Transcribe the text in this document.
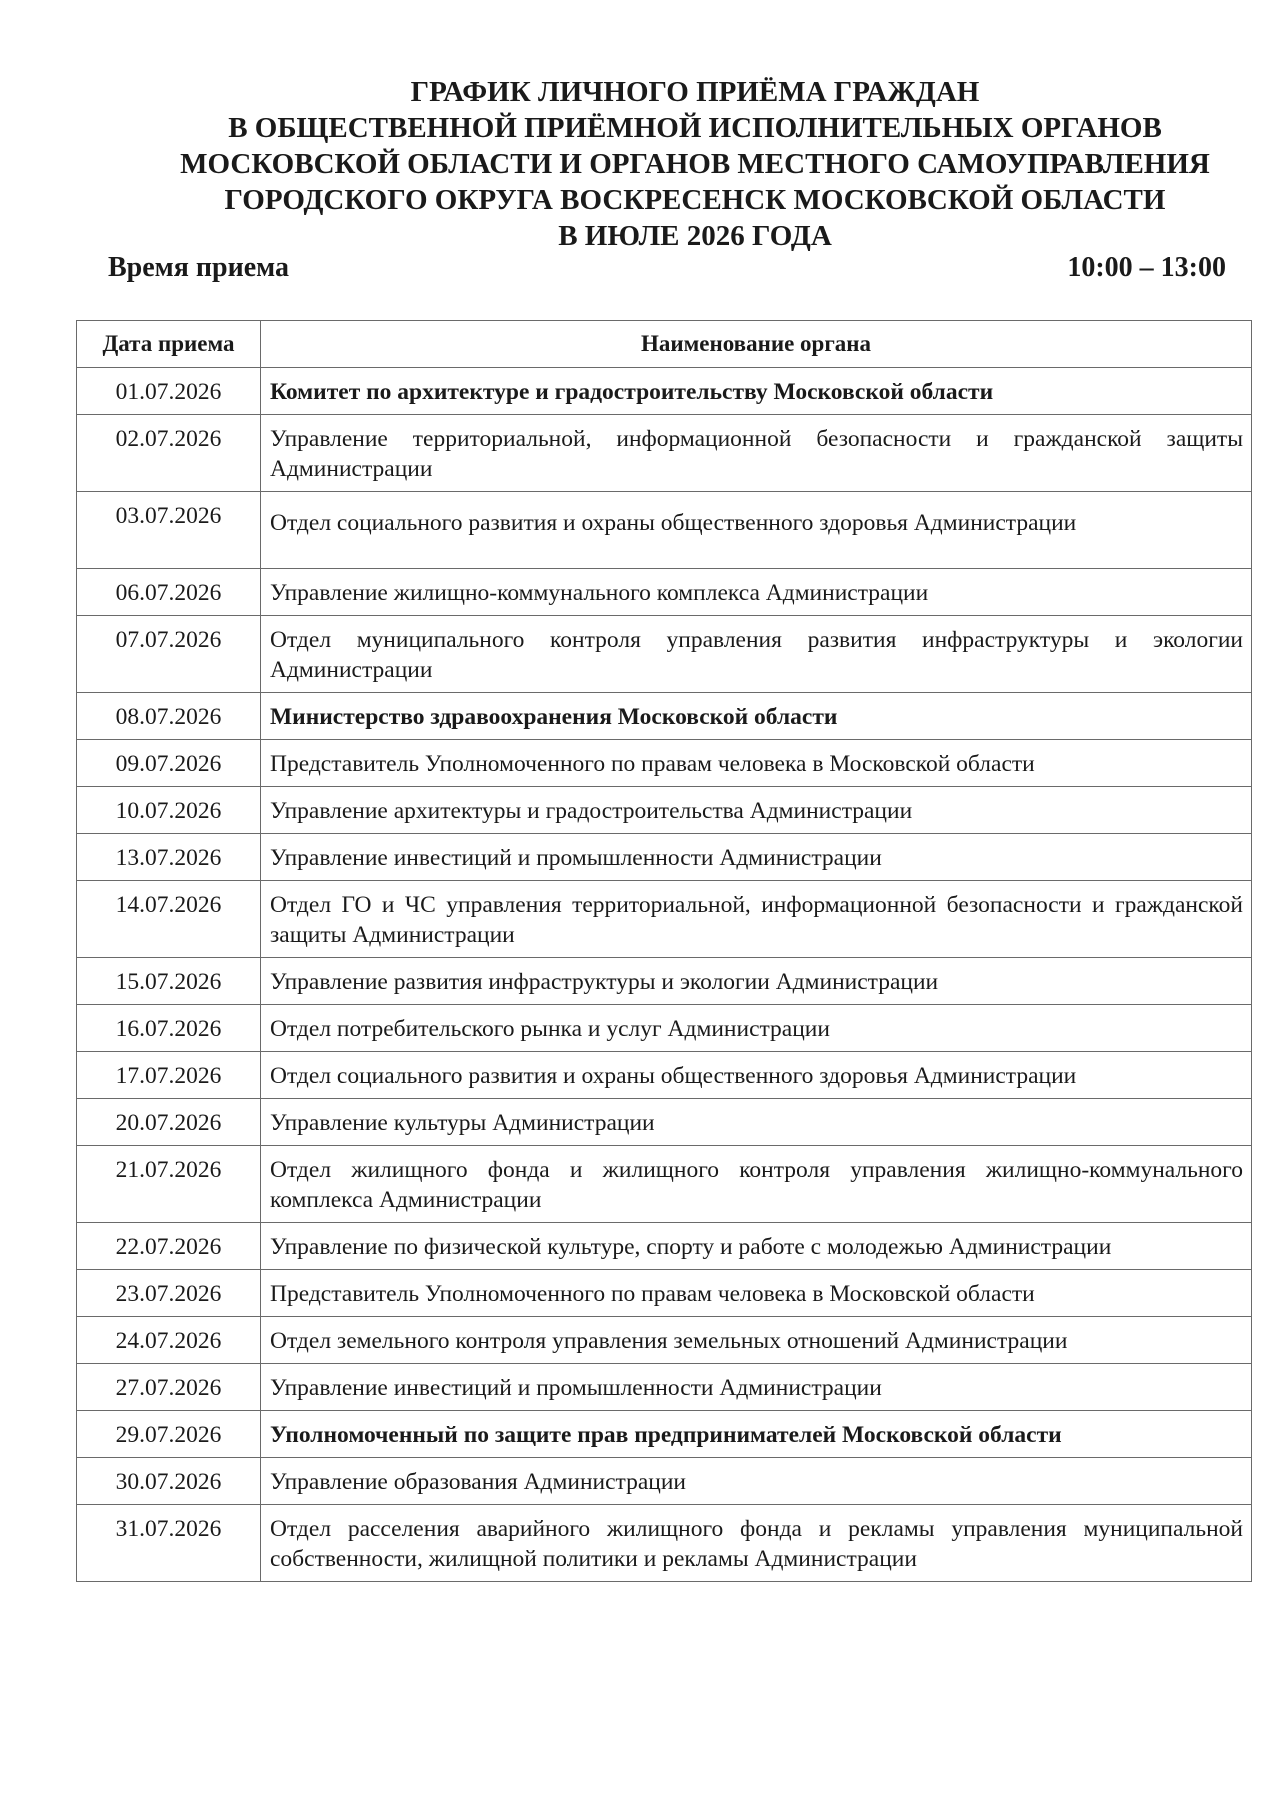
ГРАФИК ЛИЧНОГО ПРИЁМА ГРАЖДАН
В ОБЩЕСТВЕННОЙ ПРИЁМНОЙ ИСПОЛНИТЕЛЬНЫХ ОРГАНОВ
МОСКОВСКОЙ ОБЛАСТИ И ОРГАНОВ МЕСТНОГО САМОУПРАВЛЕНИЯ
ГОРОДСКОГО ОКРУГА ВОСКРЕСЕНСК МОСКОВСКОЙ ОБЛАСТИ
В ИЮЛЕ 2026 ГОДА
Время приема	10:00 – 13:00
Дата приема	Наименование органа
01.07.2026	Комитет по архитектуре и градостроительству Московской области
02.07.2026	Управление территориальной, информационной безопасности и гражданской защиты Администрации
03.07.2026	Отдел социального развития и охраны общественного здоровья Администрации
06.07.2026	Управление жилищно-коммунального комплекса Администрации
07.07.2026	Отдел муниципального контроля управления развития инфраструктуры и экологии Администрации
08.07.2026	Министерство здравоохранения Московской области
09.07.2026	Представитель Уполномоченного по правам человека в Московской области
10.07.2026	Управление архитектуры и градостроительства Администрации
13.07.2026	Управление инвестиций и промышленности Администрации
14.07.2026	Отдел ГО и ЧС управления территориальной, информационной безопасности и гражданской защиты Администрации
15.07.2026	Управление развития инфраструктуры и экологии Администрации
16.07.2026	Отдел потребительского рынка и услуг Администрации
17.07.2026	Отдел социального развития и охраны общественного здоровья Администрации
20.07.2026	Управление культуры Администрации
21.07.2026	Отдел жилищного фонда и жилищного контроля управления жилищно-коммунального комплекса Администрации
22.07.2026	Управление по физической культуре, спорту и работе с молодежью Администрации
23.07.2026	Представитель Уполномоченного по правам человека в Московской области
24.07.2026	Отдел земельного контроля управления земельных отношений Администрации
27.07.2026	Управление инвестиций и промышленности Администрации
29.07.2026	Уполномоченный по защите прав предпринимателей Московской области
30.07.2026	Управление образования Администрации
31.07.2026	Отдел расселения аварийного жилищного фонда и рекламы управления муниципальной собственности, жилищной политики и рекламы Администрации
